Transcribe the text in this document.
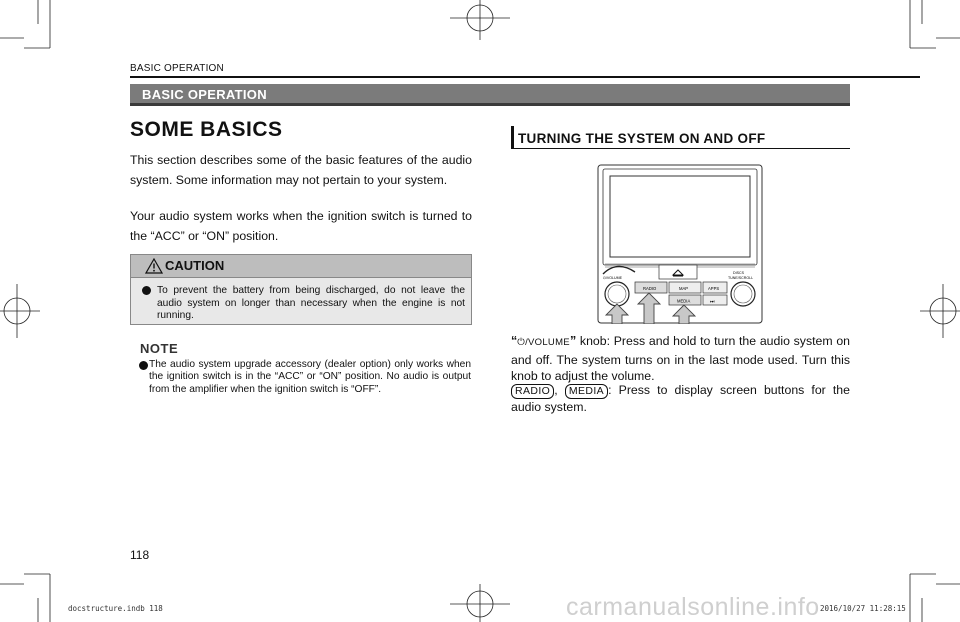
BASIC OPERATION
BASIC OPERATION
SOME BASICS
This section describes some of the basic features of the audio system. Some information may not pertain to your system.
Your audio system works when the ignition switch is turned to the “ACC” or “ON” position.
CAUTION
To prevent the battery from being discharged, do not leave the audio system on longer than necessary when the engine is not running.
NOTE
The audio system upgrade accessory (dealer option) only works when the ignition switch is in the “ACC” or “ON” position. No audio is output from the amplifier when the ignition switch is “OFF”.
TURNING THE SYSTEM ON AND OFF
⏻/VOLUME
DISCS
TUNE/SCROLL
RADIO	MAP	APPS
MEDIA	⏭
“⏻/VOLUME” knob: Press and hold to turn the audio system on and off. The system turns on in the last mode used. Turn this knob to adjust the volume.
RADIO , MEDIA : Press to display screen buttons for the audio system.
118
docstructure.indb 118	2016/10/27 11:28:15
carmanualsonline.info
